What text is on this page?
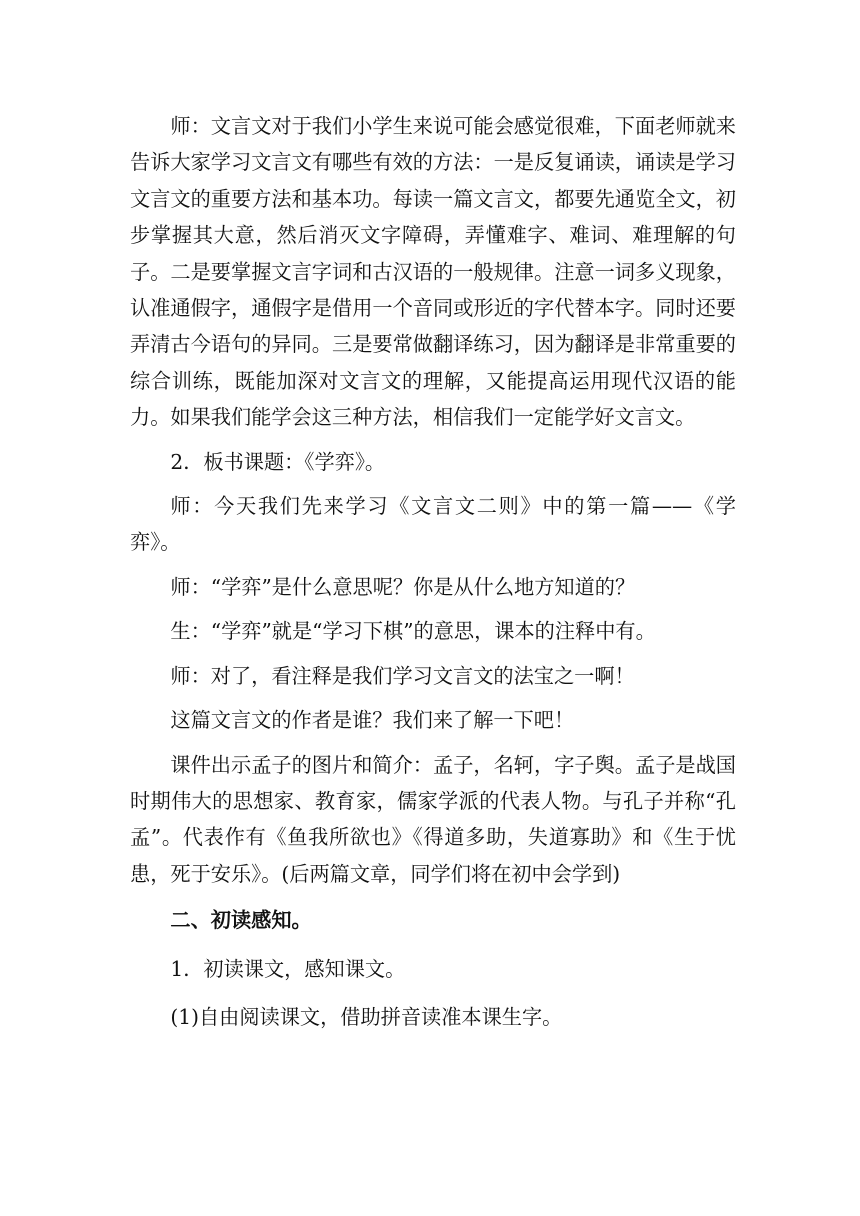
师：文言文对于我们小学生来说可能会感觉很难，下面老师就来告诉大家学习文言文有哪些有效的方法：一是反复诵读，诵读是学习文言文的重要方法和基本功。每读一篇文言文，都要先通览全文，初步掌握其大意，然后消灭文字障碍，弄懂难字、难词、难理解的句子。二是要掌握文言字词和古汉语的一般规律。注意一词多义现象，认准通假字，通假字是借用一个音同或形近的字代替本字。同时还要弄清古今语句的异同。三是要常做翻译练习，因为翻译是非常重要的综合训练，既能加深对文言文的理解，又能提高运用现代汉语的能力。如果我们能学会这三种方法，相信我们一定能学好文言文。

2．板书课题：《学弈》。

师：今天我们先来学习《文言文二则》中的第一篇——《学弈》。

师：“学弈”是什么意思呢？你是从什么地方知道的？

生：“学弈”就是“学习下棋”的意思，课本的注释中有。

师：对了，看注释是我们学习文言文的法宝之一啊！

这篇文言文的作者是谁？我们来了解一下吧！

课件出示孟子的图片和简介：孟子，名轲，字子舆。孟子是战国时期伟大的思想家、教育家，儒家学派的代表人物。与孔子并称“孔孟”。代表作有《鱼我所欲也》《得道多助，失道寡助》和《生于忧患，死于安乐》。(后两篇文章，同学们将在初中会学到)

二、初读感知。

1．初读课文，感知课文。

(1)自由阅读课文，借助拼音读准本课生字。
